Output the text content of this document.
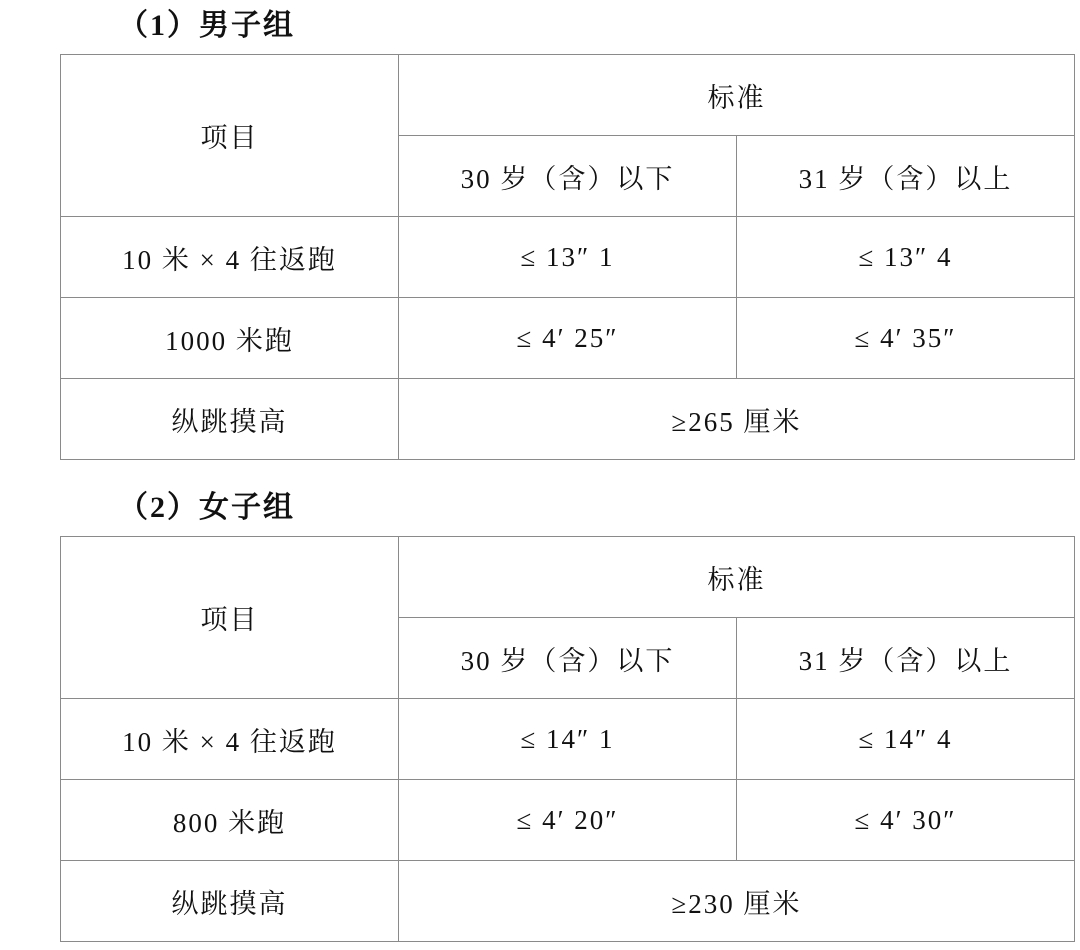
（1）男子组
项目	标准	
	30 岁（含）以下	31 岁（含）以上
10 米 × 4 往返跑	≤ 13″ 1	≤ 13″ 4
1000 米跑	≤ 4′ 25″	≤ 4′ 35″
纵跳摸高	≥265 厘米	
（2）女子组
项目	标准	
	30 岁（含）以下	31 岁（含）以上
10 米 × 4 往返跑	≤ 14″ 1	≤ 14″ 4
800 米跑	≤ 4′ 20″	≤ 4′ 30″
纵跳摸高	≥230 厘米	
